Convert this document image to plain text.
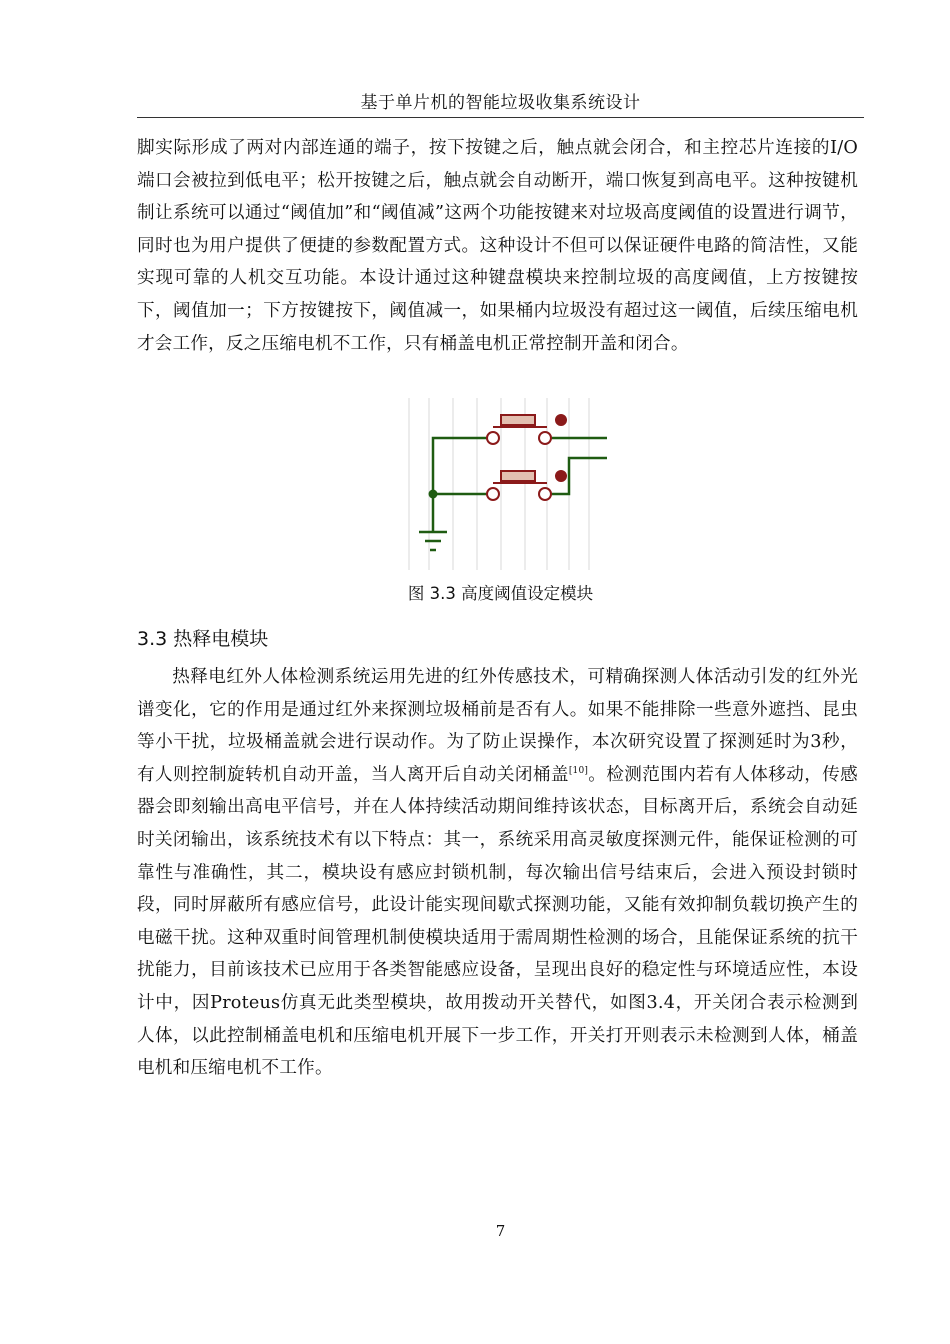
基于单片机的智能垃圾收集系统设计
脚实际形成了两对内部连通的端子，按下按键之后，触点就会闭合，和主控芯片连接的I/O端口会被拉到低电平；松开按键之后，触点就会自动断开，端口恢复到高电平。这种按键机制让系统可以通过“阈值加”和“阈值减”这两个功能按键来对垃圾高度阈值的设置进行调节，同时也为用户提供了便捷的参数配置方式。这种设计不但可以保证硬件电路的简洁性，又能实现可靠的人机交互功能。本设计通过这种键盘模块来控制垃圾的高度阈值，上方按键按下，阈值加一；下方按键按下，阈值减一，如果桶内垃圾没有超过这一阈值，后续压缩电机才会工作，反之压缩电机不工作，只有桶盖电机正常控制开盖和闭合。
图 3.3 高度阈值设定模块
3.3 热释电模块
热释电红外人体检测系统运用先进的红外传感技术，可精确探测人体活动引发的红外光谱变化，它的作用是通过红外来探测垃圾桶前是否有人。如果不能排除一些意外遮挡、昆虫等小干扰，垃圾桶盖就会进行误动作。为了防止误操作，本次研究设置了探测延时为3秒，有人则控制旋转机自动开盖，当人离开后自动关闭桶盖[10]。检测范围内若有人体移动，传感器会即刻输出高电平信号，并在人体持续活动期间维持该状态，目标离开后，系统会自动延时关闭输出，该系统技术有以下特点：其一，系统采用高灵敏度探测元件，能保证检测的可靠性与准确性，其二，模块设有感应封锁机制，每次输出信号结束后，会进入预设封锁时段，同时屏蔽所有感应信号，此设计能实现间歇式探测功能，又能有效抑制负载切换产生的电磁干扰。这种双重时间管理机制使模块适用于需周期性检测的场合，且能保证系统的抗干扰能力，目前该技术已应用于各类智能感应设备，呈现出良好的稳定性与环境适应性，本设计中，因Proteus仿真无此类型模块，故用拨动开关替代，如图3.4，开关闭合表示检测到人体，以此控制桶盖电机和压缩电机开展下一步工作，开关打开则表示未检测到人体，桶盖电机和压缩电机不工作。
7
